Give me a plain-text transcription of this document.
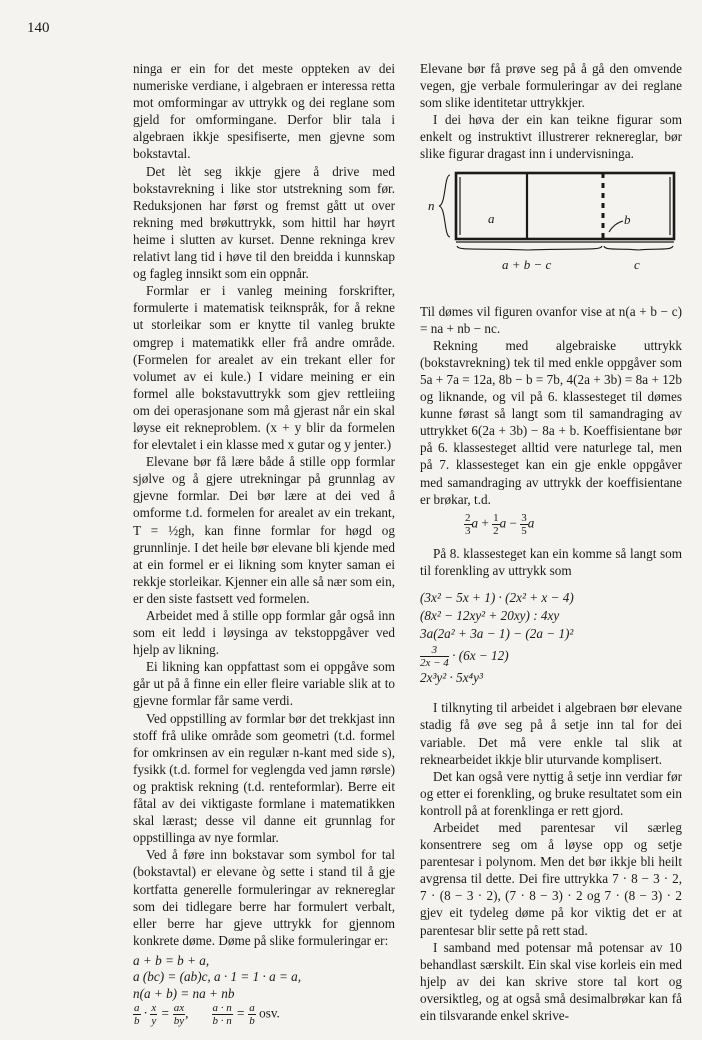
140

ninga er ein for det meste oppteken av dei numeriske verdiane, i algebraen er interessa retta mot omformingar av uttrykk og dei reglane som gjeld for omformingane. Derfor blir tala i algebraen ikkje spesifiserte, men gjevne som bokstavtal.

Det lèt seg ikkje gjere å drive med bokstavrekning i like stor utstrekning som før. Reduksjonen har først og fremst gått ut over rekning med brøkuttrykk, som hittil har høyrt heime i slutten av kurset. Denne rekninga krev relativt lang tid i høve til den breidda i kunnskap og fagleg innsikt som ein oppnår.

Formlar er i vanleg meining forskrifter, formulerte i matematisk teiknspråk, for å rekne ut storleikar som er knytte til vanleg brukte omgrep i matematikk eller frå andre område. (Formelen for arealet av ein trekant eller for volumet av ei kule.) I vidare meining er ein formel alle bokstavuttrykk som gjev rettleiing om dei operasjonane som må gjerast når ein skal løyse eit rekneproblem. (x + y blir da formelen for elevtalet i ein klasse med x gutar og y jenter.)

Elevane bør få lære både å stille opp formlar sjølve og å gjere utrekningar på grunnlag av gjevne formlar. Dei bør lære at dei ved å omforme t.d. formelen for arealet av ein trekant, T = ½gh, kan finne formlar for høgd og grunnlinje. I det heile bør elevane bli kjende med at ein formel er ei likning som knyter saman ei rekkje storleikar. Kjenner ein alle så nær som ein, er den siste fastsett ved formelen.

Arbeidet med å stille opp formlar går også inn som eit ledd i løysinga av tekstoppgåver ved hjelp av likning.

Ei likning kan oppfattast som ei oppgåve som går ut på å finne ein eller fleire variable slik at to gjevne formlar får same verdi.

Ved oppstilling av formlar bør det trekkjast inn stoff frå ulike område som geometri (t.d. formel for omkrinsen av ein regulær n-kant med side s), fysikk (t.d. formel for veglengda ved jamn rørsle) og praktisk rekning (t.d. renteformlar). Berre eit fåtal av dei viktigaste formlane i matematikken skal lærast; desse vil danne eit grunnlag for oppstillinga av nye formlar.

Ved å føre inn bokstavar som symbol for tal (bokstavtal) er elevane òg sette i stand til å gje kortfatta generelle formuleringar av reknereglar som dei tidlegare berre har formulert verbalt, eller berre har gjeve uttrykk for gjennom konkrete døme. Døme på slike formuleringar er:

a + b = b + a,
a (bc) = (ab)c, a · 1 = 1 · a = a,
n(a + b) = na + nb
$\frac{a}{b} \cdot \frac{x}{y} = \frac{ax}{by}$ , $\frac{a \cdot n}{b \cdot n} = \frac{a}{b}$ osv.

Elevane bør få prøve seg på å gå den omvende vegen, gje verbale formuleringar av dei reglane som slike identitetar uttrykkjer.

I dei høva der ein kan teikne figurar som enkelt og instruktivt illustrerer reknereglar, bør slike figurar dragast inn i undervisninga.

n
a	b
a + b − c	c

Til dømes vil figuren ovanfor vise at n(a + b − c) = na + nb − nc.

Rekning med algebraiske uttrykk (bokstavrekning) tek til med enkle oppgåver som 5a + 7a = 12a, 8b − b = 7b, 4(2a + 3b) = 8a + 12b og liknande, og vil på 6. klassesteget til dømes kunne førast så langt som til samandraging av uttrykket 6(2a + 3b) − 8a + b. Koeffisientane bør på 6. klassesteget alltid vere naturlege tal, men på 7. klassesteget kan ein gje enkle oppgåver med samandraging av uttrykk der koeffisientane er brøkar, t.d.

$\frac{2}{3}$ $a + \frac{1}{2}$ $a - \frac{3}{5}$ a

På 8. klassesteget kan ein komme så langt som til forenkling av uttrykk som

(3x² − 5x + 1) · (2x² + x − 4)
(8x² − 12xy² + 20xy) : 4xy
3a(2a² + 3a − 1) − (2a − 1)²
$\frac{3}{2x - 4} \cdot (6x - 12)$
2x³y² · 5x⁴y³

I tilknyting til arbeidet i algebraen bør elevane stadig få øve seg på å setje inn tal for dei variable. Det må vere enkle tal slik at reknearbeidet ikkje blir uturvande komplisert.

Det kan også vere nyttig å setje inn verdiar før og etter ei forenkling, og bruke resultatet som ein kontroll på at forenklinga er rett gjord.

Arbeidet med parentesar vil særleg konsentrere seg om å løyse opp og setje parentesar i polynom. Men det bør ikkje bli heilt avgrensa til dette. Dei fire uttrykka 7 · 8 − 3 · 2, 7 · (8 − 3 · 2), (7 · 8 − 3) · 2 og 7 · (8 − 3) · 2 gjev eit tydeleg døme på kor viktig det er at parentesar blir sette på rett stad.

I samband med potensar må potensar av 10 behandlast særskilt. Ein skal vise korleis ein med hjelp av dei kan skrive store tal kort og oversiktleg, og at også små desimalbrøkar kan få ein tilsvarande enkel skrive-
